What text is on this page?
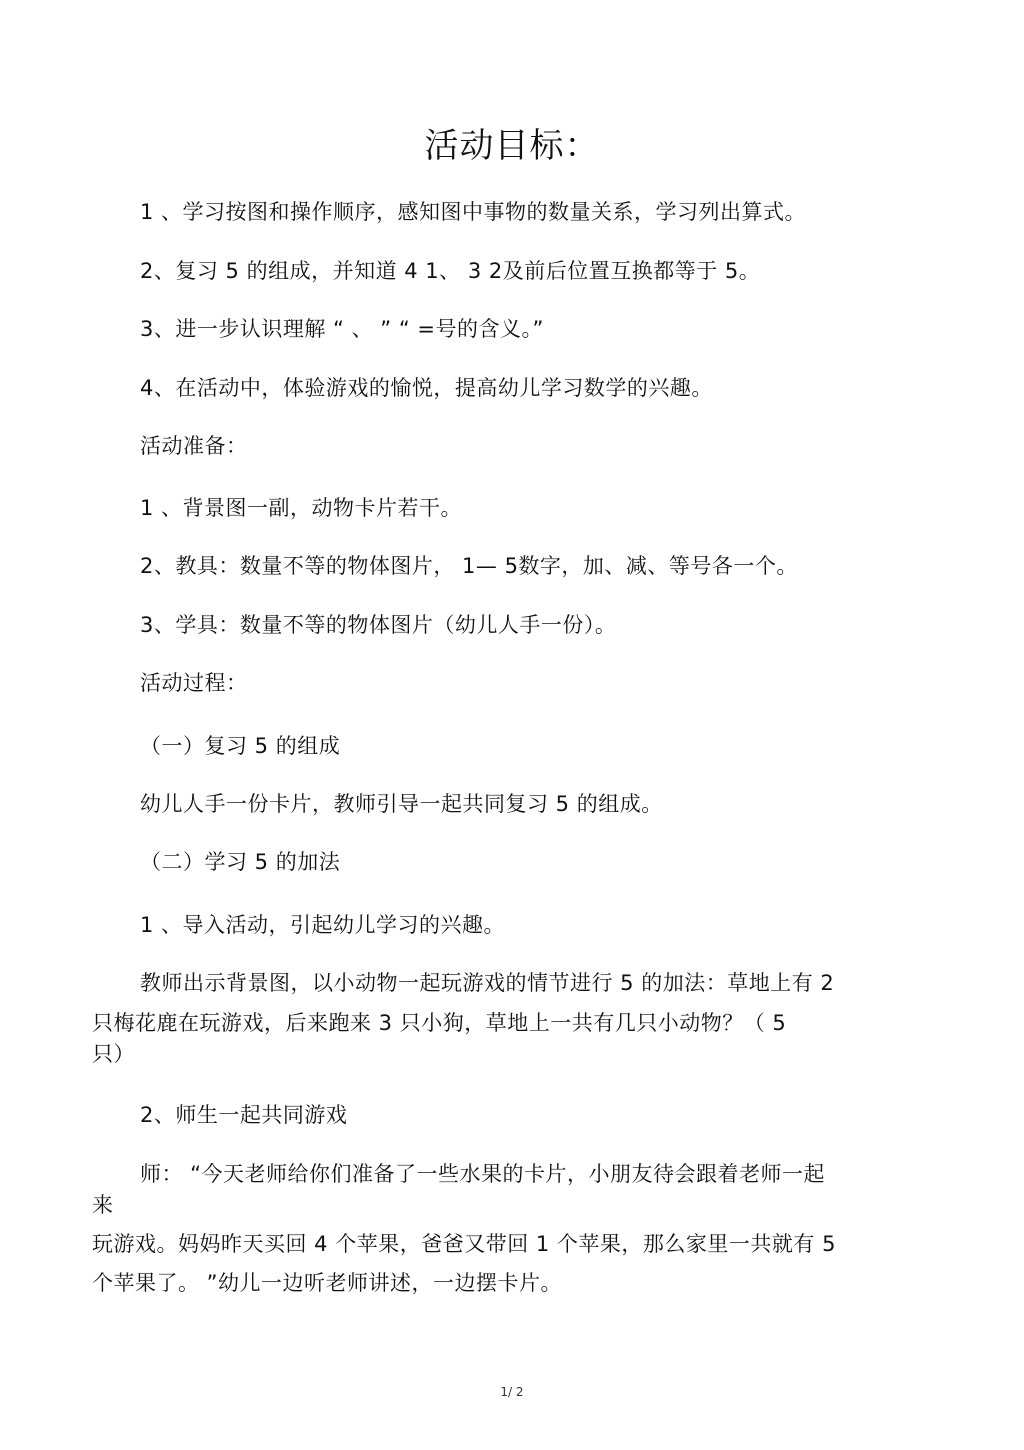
活动目标：
1 、学习按图和操作顺序，感知图中事物的数量关系，学习列出算式。
2、复习 5 的组成，并知道 4 1、 3 2及前后位置互换都等于 5。
3、进一步认识理解 “ 、 ” “ =号的含义。”
4、在活动中，体验游戏的愉悦，提高幼儿学习数学的兴趣。
活动准备：
1 、背景图一副，动物卡片若干。
2、教具：数量不等的物体图片， 1— 5数字，加、减、等号各一个。
3、学具：数量不等的物体图片（幼儿人手一份）。
活动过程：
（一）复习 5 的组成
幼儿人手一份卡片，教师引导一起共同复习 5 的组成。
（二）学习 5 的加法
1 、导入活动，引起幼儿学习的兴趣。
教师出示背景图，以小动物一起玩游戏的情节进行 5 的加法：草地上有 2
只梅花鹿在玩游戏，后来跑来 3 只小狗，草地上一共有几只小动物？（ 5
只）
2、师生一起共同游戏
师： “今天老师给你们准备了一些水果的卡片，小朋友待会跟着老师一起
来
玩游戏。妈妈昨天买回 4 个苹果，爸爸又带回 1 个苹果，那么家里一共就有 5
个苹果了。 ”幼儿一边听老师讲述，一边摆卡片。
1/ 2
